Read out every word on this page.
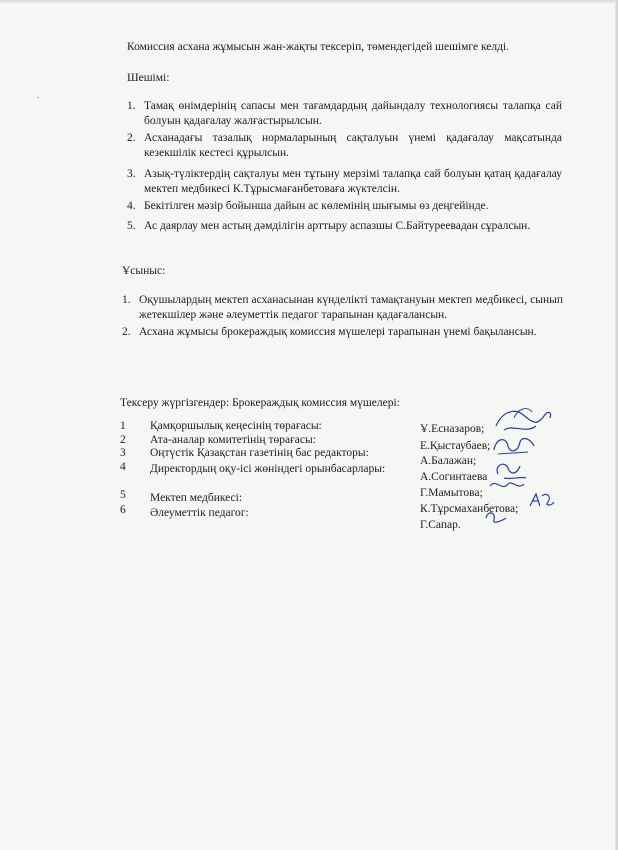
·
Комиссия асхана жұмысын жан-жақты тексеріп, төмендегідей шешімге келді.
Шешімі:
1. Тамақ өнімдерінің сапасы мен тағамдардың дайындалу технологиясы талапқа сай болуын қадағалау жалғастырылсын.
2. Асханадағы тазалық нормаларының сақталуын үнемі қадағалау мақсатында кезекшілік кестесі құрылсын.
3. Азық-түліктердің сақталуы мен тұтыну мерзімі талапқа сай болуын қатаң қадағалау мектеп медбикесі К.Тұрысмағанбетоваға жүктелсін.
4. Бекітілген мәзір бойынша дайын ас көлемінің шығымы өз деңгейінде.
5. Ас даярлау мен астың дәмділігін арттыру аспазшы С.Байтуреевадан сұралсын.
Ұсыныс:
1. Оқушылардың мектеп асханасынан күнделікті тамақтануын мектеп медбикесі, сынып жетекшілер және әлеуметтік педагог тарапынан қадағалансын.
2. Асхана жұмысы брокераждық комиссия мүшелері тарапынан үнемі бақылансын.
Тексеру жүргізгендер: Брокераждық комиссия мүшелері:
1 Қамқоршылық кеңесінің төрағасы:	Ұ.Есназаров;
2 Ата-аналар комитетінің төрағасы:	Е.Қыстаубаев;
3 Оңтүстік Қазақстан газетінің бас редакторы:
А.Балажан;
4 Директордың оқу-ісі жөніндегі орынбасарлары:
А.Согинтаева
Г.Мамытова;
5 Мектеп медбикесі:
К.Тұрсмаханбетова;
6 Әлеуметтік педагог:
Г.Сапар.
